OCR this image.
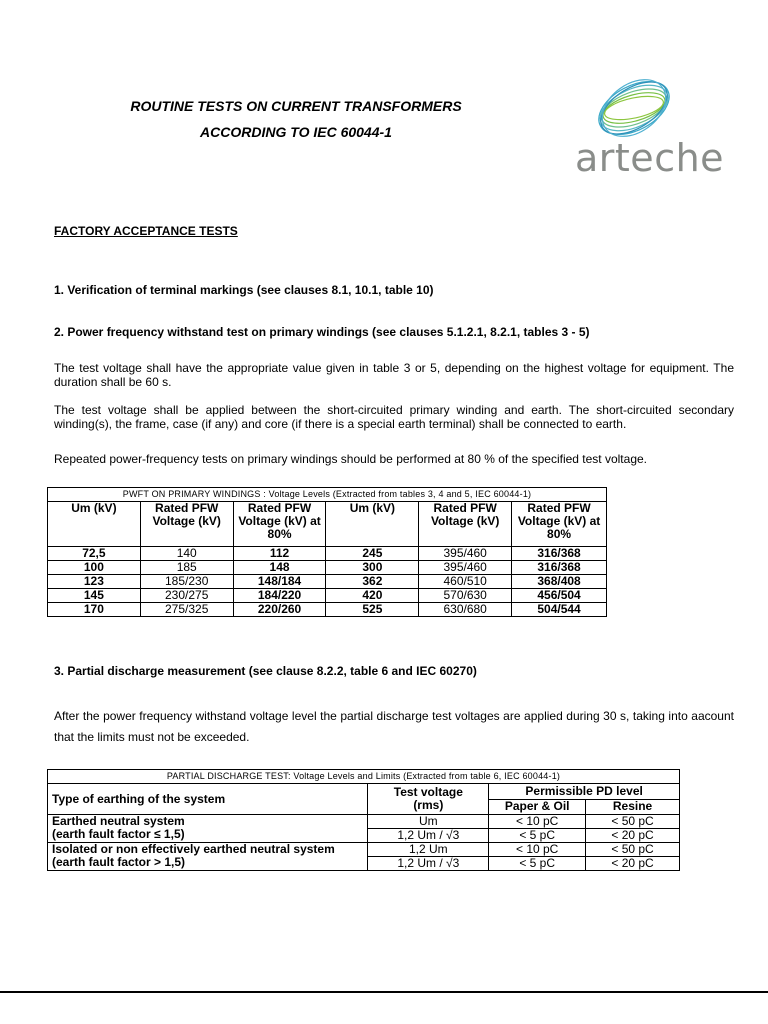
ROUTINE TESTS ON CURRENT TRANSFORMERS
ACCORDING TO IEC 60044-1
arteche
FACTORY ACCEPTANCE TESTS
1. Verification of terminal markings (see clauses 8.1, 10.1, table 10)
2. Power frequency withstand test on primary windings (see clauses 5.1.2.1, 8.2.1, tables 3 - 5)
The test voltage shall have the appropriate value given in table 3 or 5, depending on the highest voltage for equipment. The duration shall be 60 s.
The test voltage shall be applied between the short-circuited primary winding and earth. The short-circuited secondary winding(s), the frame, case (if any) and core (if there is a special earth terminal) shall be connected to earth.
Repeated power-frequency tests on primary windings should be performed at 80 % of the specified test voltage.
PWFT ON PRIMARY WINDINGS : Voltage Levels (Extracted from tables 3, 4 and 5, IEC 60044-1)					
Um (kV)	Rated PFW Voltage (kV)	Rated PFW Voltage (kV) at 80%	Um (kV)	Rated PFW Voltage (kV)	Rated PFW Voltage (kV) at 80%
72,5	140	112	245	395/460	316/368
100	185	148	300	395/460	316/368
123	185/230	148/184	362	460/510	368/408
145	230/275	184/220	420	570/630	456/504
170	275/325	220/260	525	630/680	504/544
3. Partial discharge measurement (see clause 8.2.2, table 6 and IEC 60270)
After the power frequency withstand voltage level the partial discharge test voltages are applied during 30 s, taking into aacount that the limits must not be exceeded.
PARTIAL DISCHARGE TEST: Voltage Levels and Limits (Extracted from table 6, IEC 60044-1)			
Type of earthing of the system	Test voltage (rms)	Permissible PD level	
		Paper & Oil	Resine

Earthed neutral system
(earth fault factor ≤ 1,5)	Um	< 10 pC	< 50 pC
	1,2 Um / √3	< 5 pC	< 20 pC

Isolated or non effectively earthed neutral system
(earth fault factor > 1,5)	1,2 Um	< 10 pC	< 50 pC
	1,2 Um / √3	< 5 pC	< 20 pC
